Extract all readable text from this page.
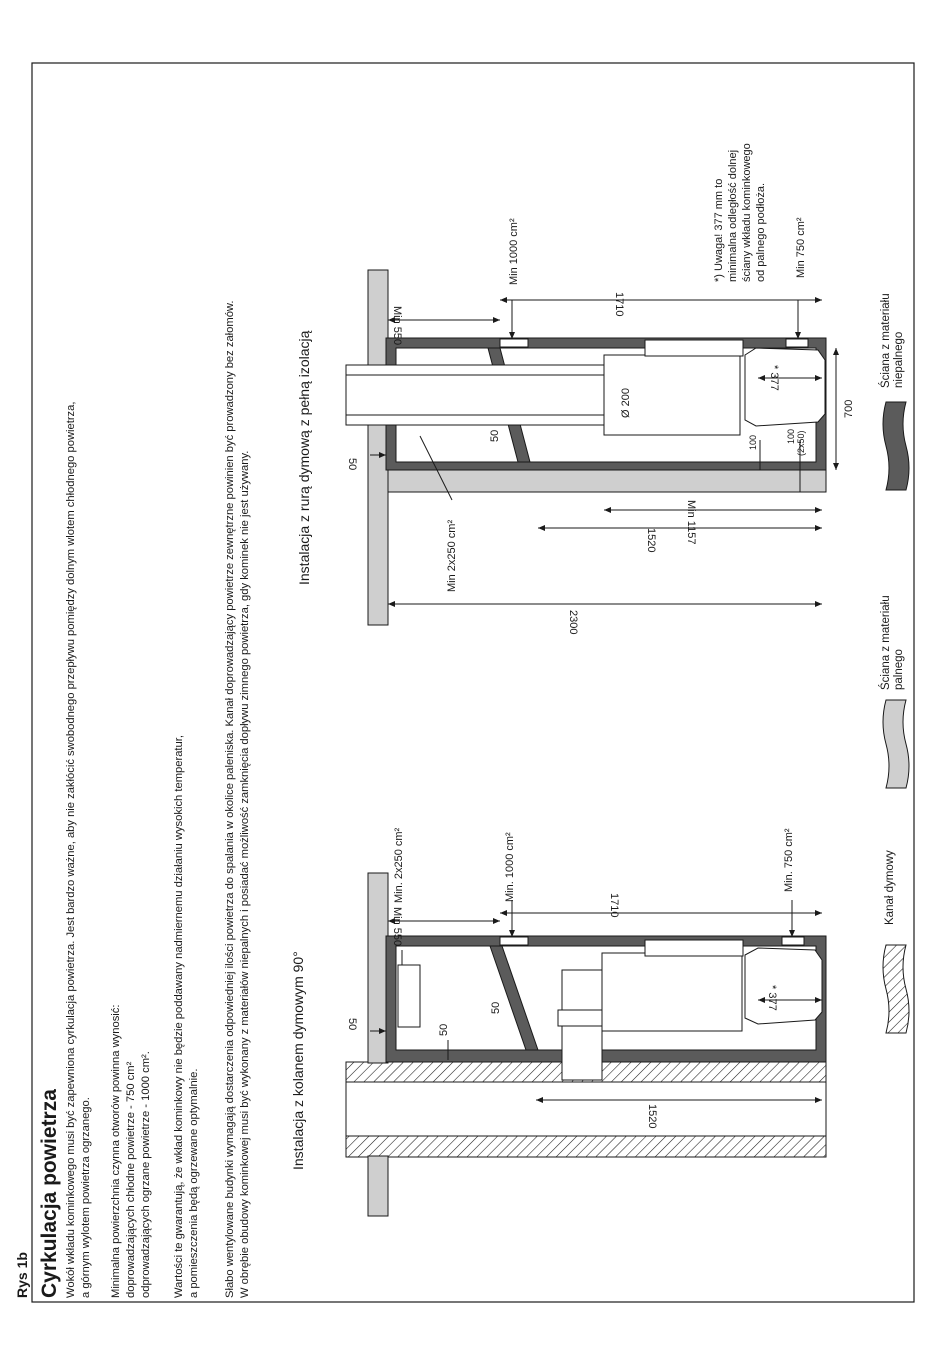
Rys 1b Cyrkulacja powietrza Wokół wkładu kominkowego musi być zapewniona cyrkulacja powietrza. Jest bardzo ważne, aby nie zakłócić swobodnego przepływu pomiędzy dolnym wlotem chłodnego powietrza, a górnym wylotem powietrza ogrzanego. Minimalna powierzchnia czynna otworów powinna wynosić: doprowadzających chłodne powietrze - 750 cm² odprowadzających ogrzane powietrze - 1000 cm². Wartości te gwarantują, że wkład kominkowy nie będzie poddawany nadmiernemu działaniu wysokich temperatur, a pomieszczenia będą ogrzewane optymalnie. Słabo wentylowane budynki wymagają dostarczenia odpowiedniej ilości powietrza do spalania w okolice paleniska. Kanał doprowadzający powietrze zewnętrzne powinien być prowadzony bez załomów. W obrębie obudowy kominkowej musi być wykonany z materiałów niepalnych i posiadać możliwość zamknięcia dopływu zimnego powietrza, gdy kominek nie jest używany.	Instalacja z kolanem dymowym 90°
Min. 2x250 cm²	Min. 1000 cm²	Min. 750 cm²
50
50
50
Min 550
1710
1520
* 377
Instalacja z rurą dymową z pełną izolacją	Min 2x250 cm²
Min 1000 cm²	Min 750 cm²
50
Ø 200
100	100 (2x50)
700
50
Min 550
1710
Min 1157
1520
2300
* 377
*) Uwaga! 377 mm to minimalna odległość dolnej ściany wkładu kominkowego od palnego podłoża.
Kanał dymowy
Ściana z materiału palnego
Ściana z materiału niepalnego
